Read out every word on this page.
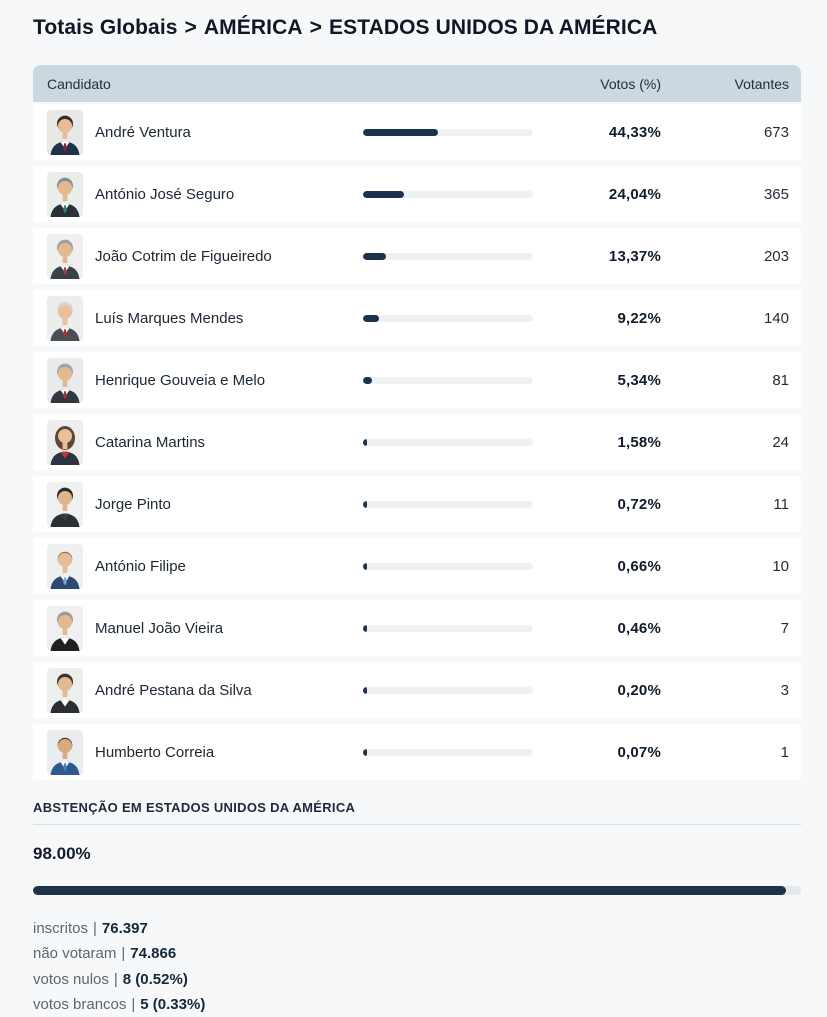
Totais Globais > AMÉRICA > ESTADOS UNIDOS DA AMÉRICA
Candidato	Votos (%)	Votantes
André Ventura	44,33%	673
António José Seguro	24,04%	365
João Cotrim de Figueiredo	13,37%	203
Luís Marques Mendes	9,22%	140
Henrique Gouveia e Melo	5,34%	81
Catarina Martins	1,58%	24
Jorge Pinto	0,72%	11
António Filipe	0,66%	10
Manuel João Vieira	0,46%	7
André Pestana da Silva	0,20%	3
Humberto Correia	0,07%	1
ABSTENÇÃO EM ESTADOS UNIDOS DA AMÉRICA
98.00%
inscritos | 76.397
não votaram | 74.866
votos nulos | 8 (0.52%)
votos brancos | 5 (0.33%)
